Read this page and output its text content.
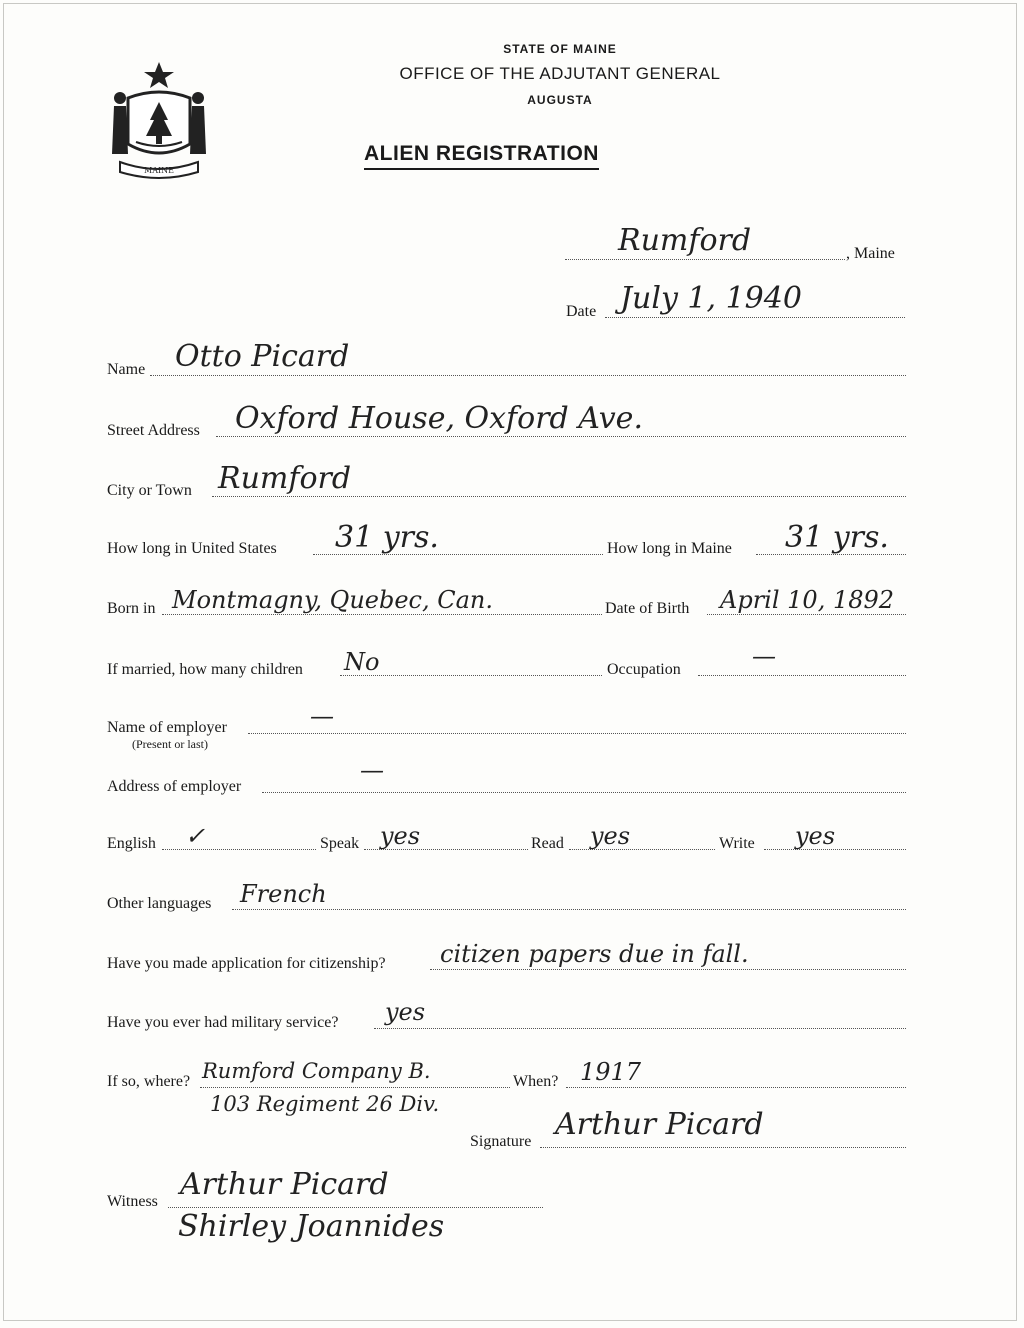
MAINE
STATE OF MAINE
OFFICE OF THE ADJUTANT GENERAL
AUGUSTA
ALIEN REGISTRATION
Rumford	, Maine
Date July 1, 1940
Name Otto Picard
Street Address Oxford House, Oxford Ave.
City or Town Rumford
How long in United States 31 yrs.	How long in Maine 31 yrs.
Born in Montmagny, Quebec, Can.	Date of Birth April 10, 1892
If married, how many children No	Occupation	—
Name of employer
(Present or last)
—
Address of employer
—
English ✓	Speak yes	Read yes	Write yes
Other languages French
Have you made application for citizenship? citizen papers due in fall.
Have you ever had military service? yes
If so, where? Rumford Company B.
103 Regiment 26 Div.
When? 1917
Signature Arthur Picard
Witness Arthur Picard
Shirley Joannides
